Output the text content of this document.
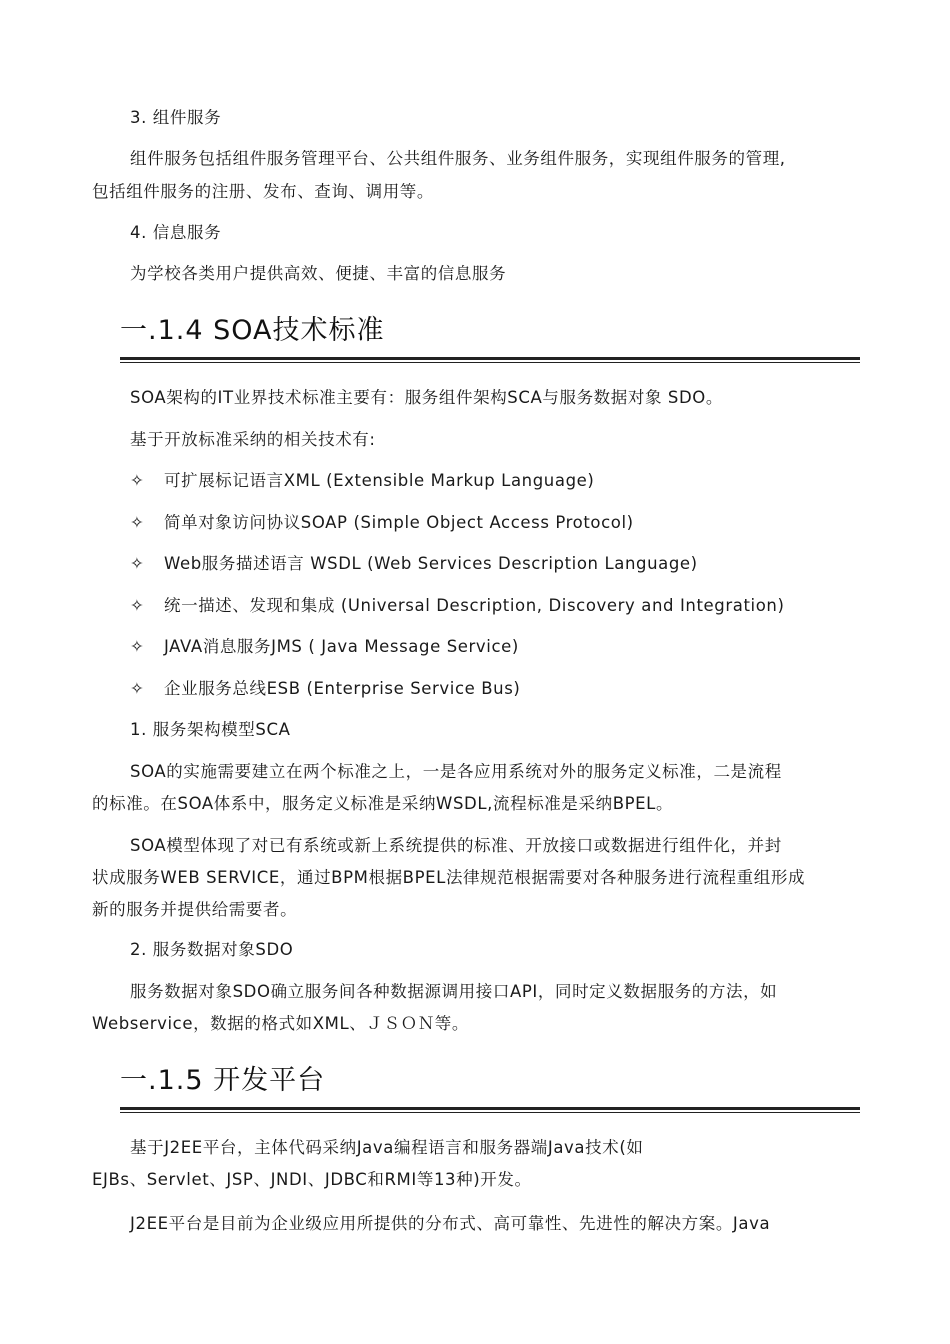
3. 组件服务
组件服务包括组件服务管理平台、公共组件服务、业务组件服务，实现组件服务的管理,
包括组件服务的注册、发布、查询、调用等。
4. 信息服务
为学校各类用户提供高效、便捷、丰富的信息服务
一.1.4 SOA技术标准
SOA架构的IT业界技术标准主要有：服务组件架构SCA与服务数据对象 SDO。
基于开放标准采纳的相关技术有:
✧ 可扩展标记语言XML (Extensible Markup Language)
✧ 简单对象访问协议SOAP (Simple Object Access Protocol)
✧ Web服务描述语言 WSDL (Web Services Description Language)
✧ 统一描述、发现和集成 (Universal Description, Discovery and Integration)
✧ JAVA消息服务JMS ( Java Message Service)
✧ 企业服务总线ESB (Enterprise Service Bus)
1. 服务架构模型SCA
SOA的实施需要建立在两个标准之上，一是各应用系统对外的服务定义标准，二是流程
的标准。在SOA体系中，服务定义标准是采纳WSDL,流程标准是采纳BPEL。
SOA模型体现了对已有系统或新上系统提供的标准、开放接口或数据进行组件化，并封
状成服务WEB SERVICE，通过BPM根据BPEL法律规范根据需要对各种服务进行流程重组形成
新的服务并提供给需要者。
2. 服务数据对象SDO
服务数据对象SDO确立服务间各种数据源调用接口API，同时定义数据服务的方法，如
Webservice，数据的格式如XML、ＪＳＯＮ等。
一.1.5 开发平台
基于J2EE平台，主体代码采纳Java编程语言和服务器端Java技术(如
EJBs、Servlet、JSP、JNDI、JDBC和RMI等13种)开发。
J2EE平台是目前为企业级应用所提供的分布式、高可靠性、先进性的解决方案。Java
